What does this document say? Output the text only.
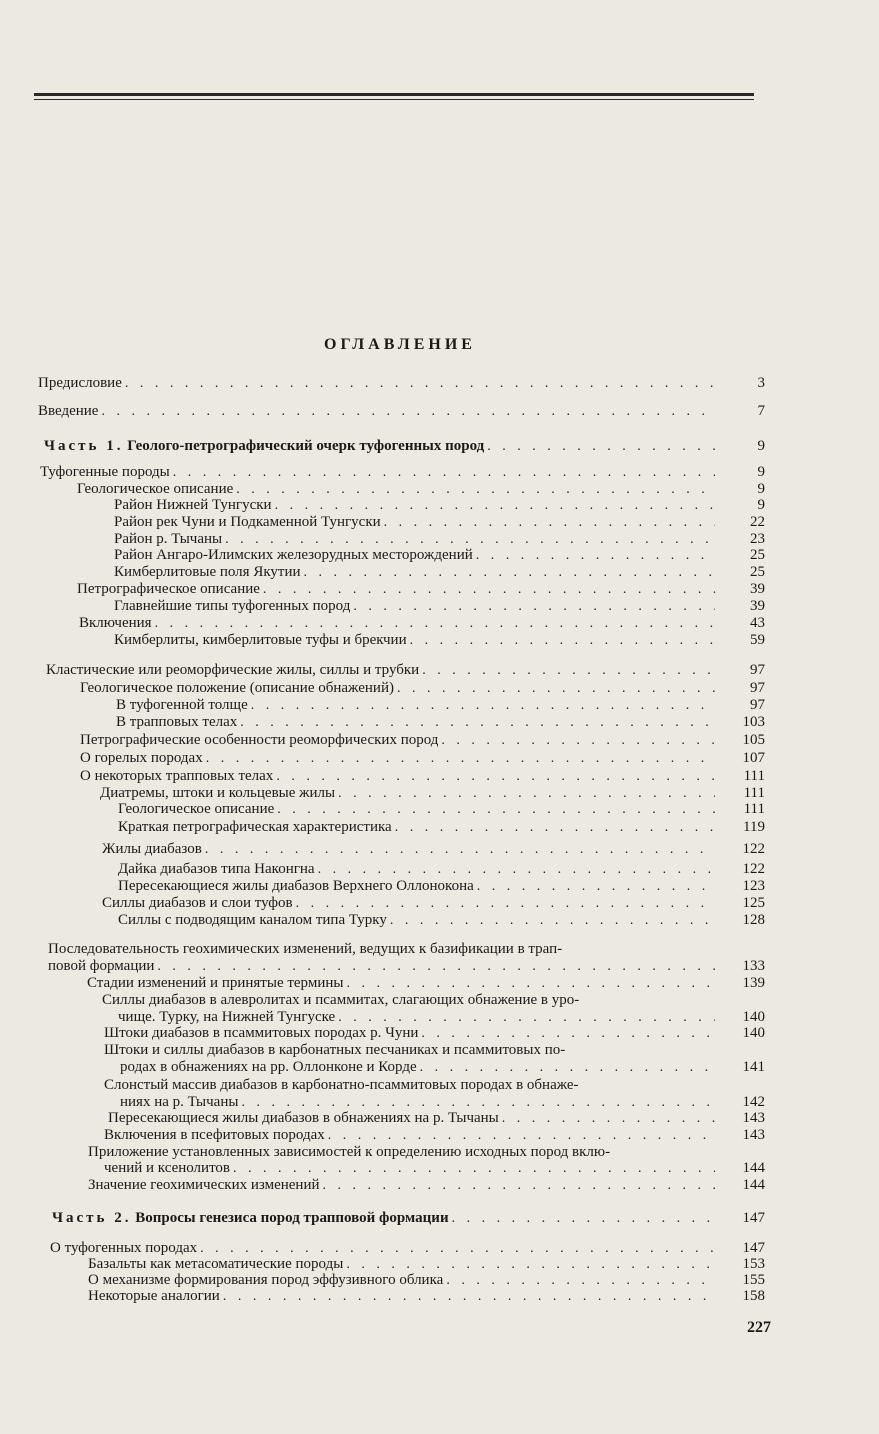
ОГЛАВЛЕНИЕ
Предисловие . . .	3
Введение . . .	7
Часть 1. Геолого-петрографический очерк туфогенных пород . . .	9
Туфогенные породы . . .	9
Геологическое описание . . .	9
Район Нижней Тунгуски . . .	9
Район рек Чуни и Подкаменной Тунгуски . . .	22
Район р. Тычаны . . .	23
Район Ангаро-Илимских железорудных месторождений . . .	25
Кимберлитовые поля Якутии . . .	25
Петрографическое описание . . .	39
Главнейшие типы туфогенных пород . . .	39
Включения . . .	43
Кимберлиты, кимберлитовые туфы и брекчии . . .	59
Кластические или реоморфические жилы, силлы и трубки . . .	97
Геологическое положение (описание обнажений) . . .	97
В туфогенной толще . . .	97
В трапповых телах . . .	103
Петрографические особенности реоморфических пород . . .	105
О горелых породах . . .	107
О некоторых трапповых телах . . .	111
Диатремы, штоки и кольцевые жилы . . .	111
Геологическое описание . . .	111
Краткая петрографическая характеристика . . .	119
Жилы диабазов . . .	122
Дайка диабазов типа Наконгна . . .	122
Пересекающиеся жилы диабазов Верхнего Оллонокона . . .	123
Силлы диабазов и слои туфов . . .	125
Силлы с подводящим каналом типа Турку . . .	128
Последовательность геохимических изменений, ведущих к базификации в трап-
повой формации . . .	133
Стадии изменений и принятые термины . . .	139
Силлы диабазов в алевролитах и псаммитах, слагающих обнажение в уро-
чище. Турку, на Нижней Тунгуске . . .	140
Штоки диабазов в псаммитовых породах р. Чуни . . .	140
Штоки и силлы диабазов в карбонатных песчаниках и псаммитовых по-
родах в обнажениях на рр. Оллонконе и Корде . . .	141
Слонстый массив диабазов в карбонатно-псаммитовых породах в обнаже-
ниях на р. Тычаны . . .	142
Пересекающиеся жилы диабазов в обнажениях на р. Тычаны . . .	143
Включения в псефитовых породах . . .	143
Приложение установленных зависимостей к определению исходных пород вклю-
чений и ксенолитов . . .	144
Значение геохимических изменений . . .	144
Часть 2. Вопросы генезиса пород трапповой формации . . .	147
О туфогенных породах . . .	147
Базальты как метасоматические породы . . .	153
О механизме формирования пород эффузивного облика . . .	155
Некоторые аналогии . . .	158
227
